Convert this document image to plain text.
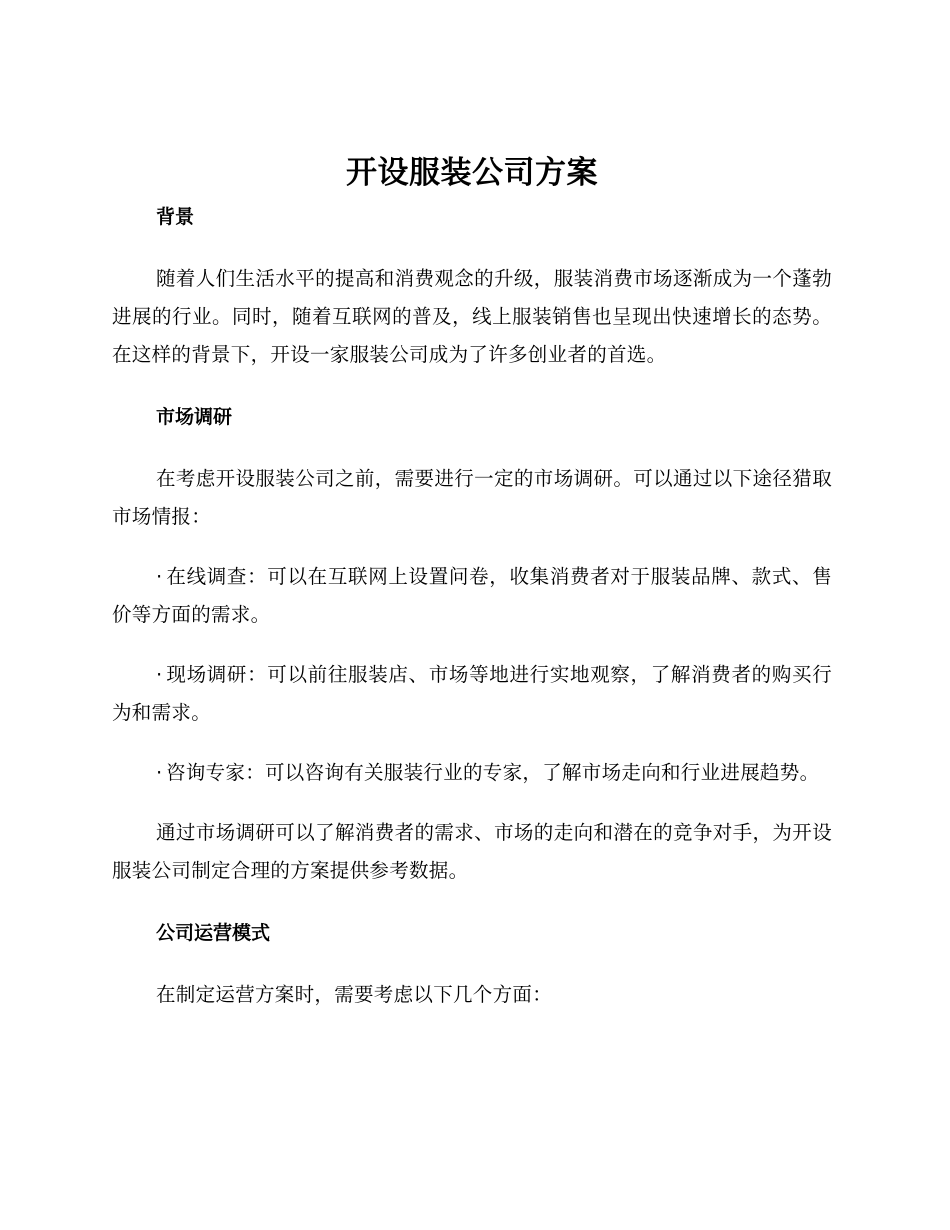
开设服装公司方案
背景

随着人们生活水平的提高和消费观念的升级，服装消费市场逐渐成为一个蓬勃进展的行业。同时，随着互联网的普及，线上服装销售也呈现出快速增长的态势。在这样的背景下，开设一家服装公司成为了许多创业者的首选。

市场调研

在考虑开设服装公司之前，需要进行一定的市场调研。可以通过以下途径猎取市场情报：

· 在线调查：可以在互联网上设置问卷，收集消费者对于服装品牌、款式、售价等方面的需求。

· 现场调研：可以前往服装店、市场等地进行实地观察，了解消费者的购买行为和需求。

· 咨询专家：可以咨询有关服装行业的专家，了解市场走向和行业进展趋势。

通过市场调研可以了解消费者的需求、市场的走向和潜在的竞争对手，为开设服装公司制定合理的方案提供参考数据。

公司运营模式

在制定运营方案时，需要考虑以下几个方面：
